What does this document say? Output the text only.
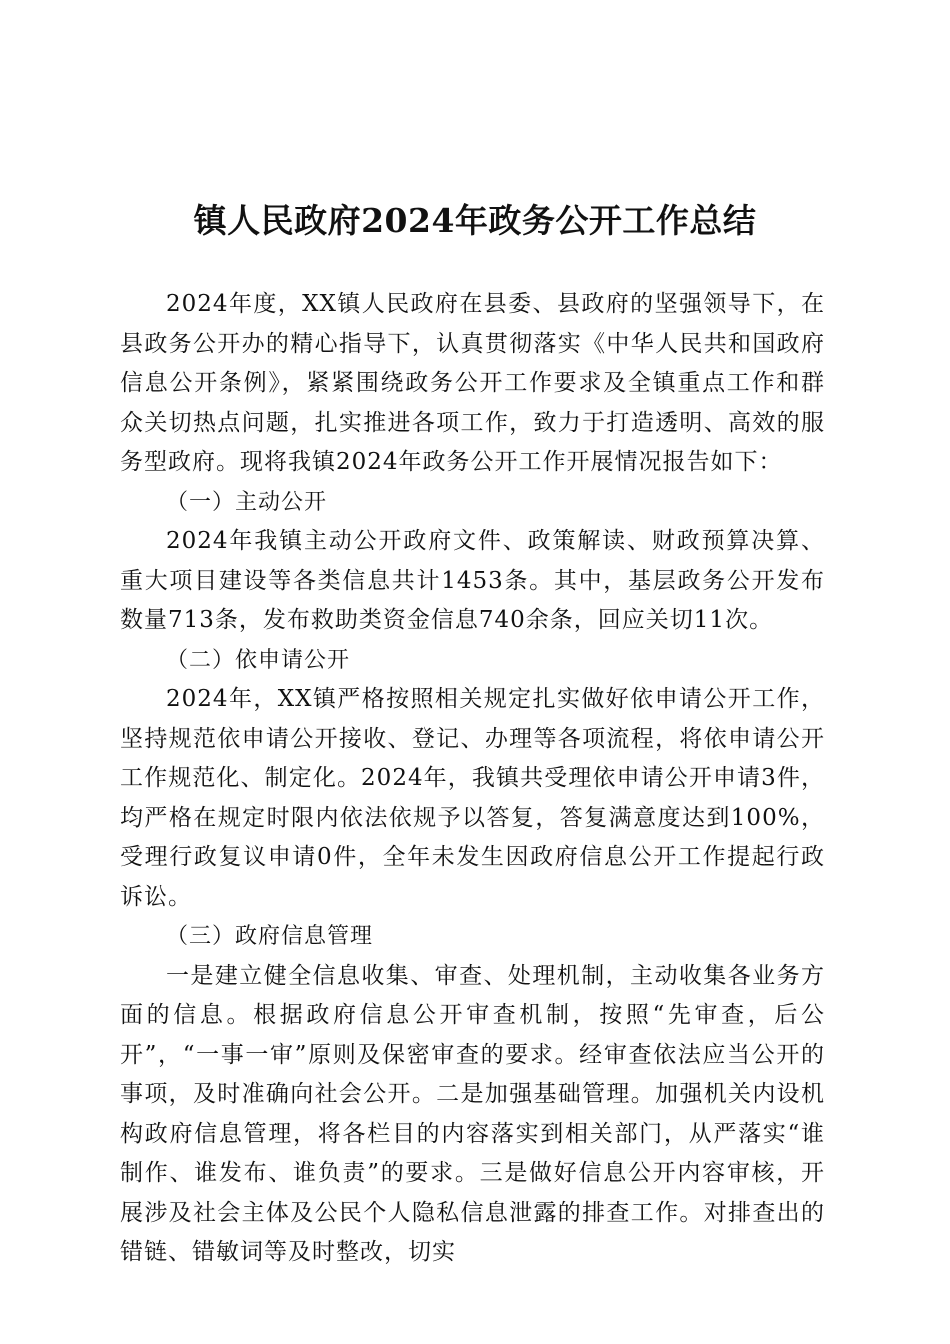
镇人民政府2024年政务公开工作总结

2024年度，XX镇人民政府在县委、县政府的坚强领导下，在县政务公开办的精心指导下，认真贯彻落实《中华人民共和国政府信息公开条例》，紧紧围绕政务公开工作要求及全镇重点工作和群众关切热点问题，扎实推进各项工作，致力于打造透明、高效的服务型政府。现将我镇2024年政务公开工作开展情况报告如下：

（一）主动公开

2024年我镇主动公开政府文件、政策解读、财政预算决算、重大项目建设等各类信息共计1453条。其中，基层政务公开发布数量713条，发布救助类资金信息740余条，回应关切11次。

（二）依申请公开

2024年，XX镇严格按照相关规定扎实做好依申请公开工作，坚持规范依申请公开接收、登记、办理等各项流程，将依申请公开工作规范化、制定化。2024年，我镇共受理依申请公开申请3件，均严格在规定时限内依法依规予以答复，答复满意度达到100%，受理行政复议申请0件，全年未发生因政府信息公开工作提起行政诉讼。

（三）政府信息管理

一是建立健全信息收集、审查、处理机制，主动收集各业务方面的信息。根据政府信息公开审查机制，按照“先审查，后公开”，“一事一审”原则及保密审查的要求。经审查依法应当公开的事项，及时准确向社会公开。二是加强基础管理。加强机关内设机构政府信息管理，将各栏目的内容落实到相关部门，从严落实“谁制作、谁发布、谁负责”的要求。三是做好信息公开内容审核，开展涉及社会主体及公民个人隐私信息泄露的排查工作。对排查出的错链、错敏词等及时整改，切实
